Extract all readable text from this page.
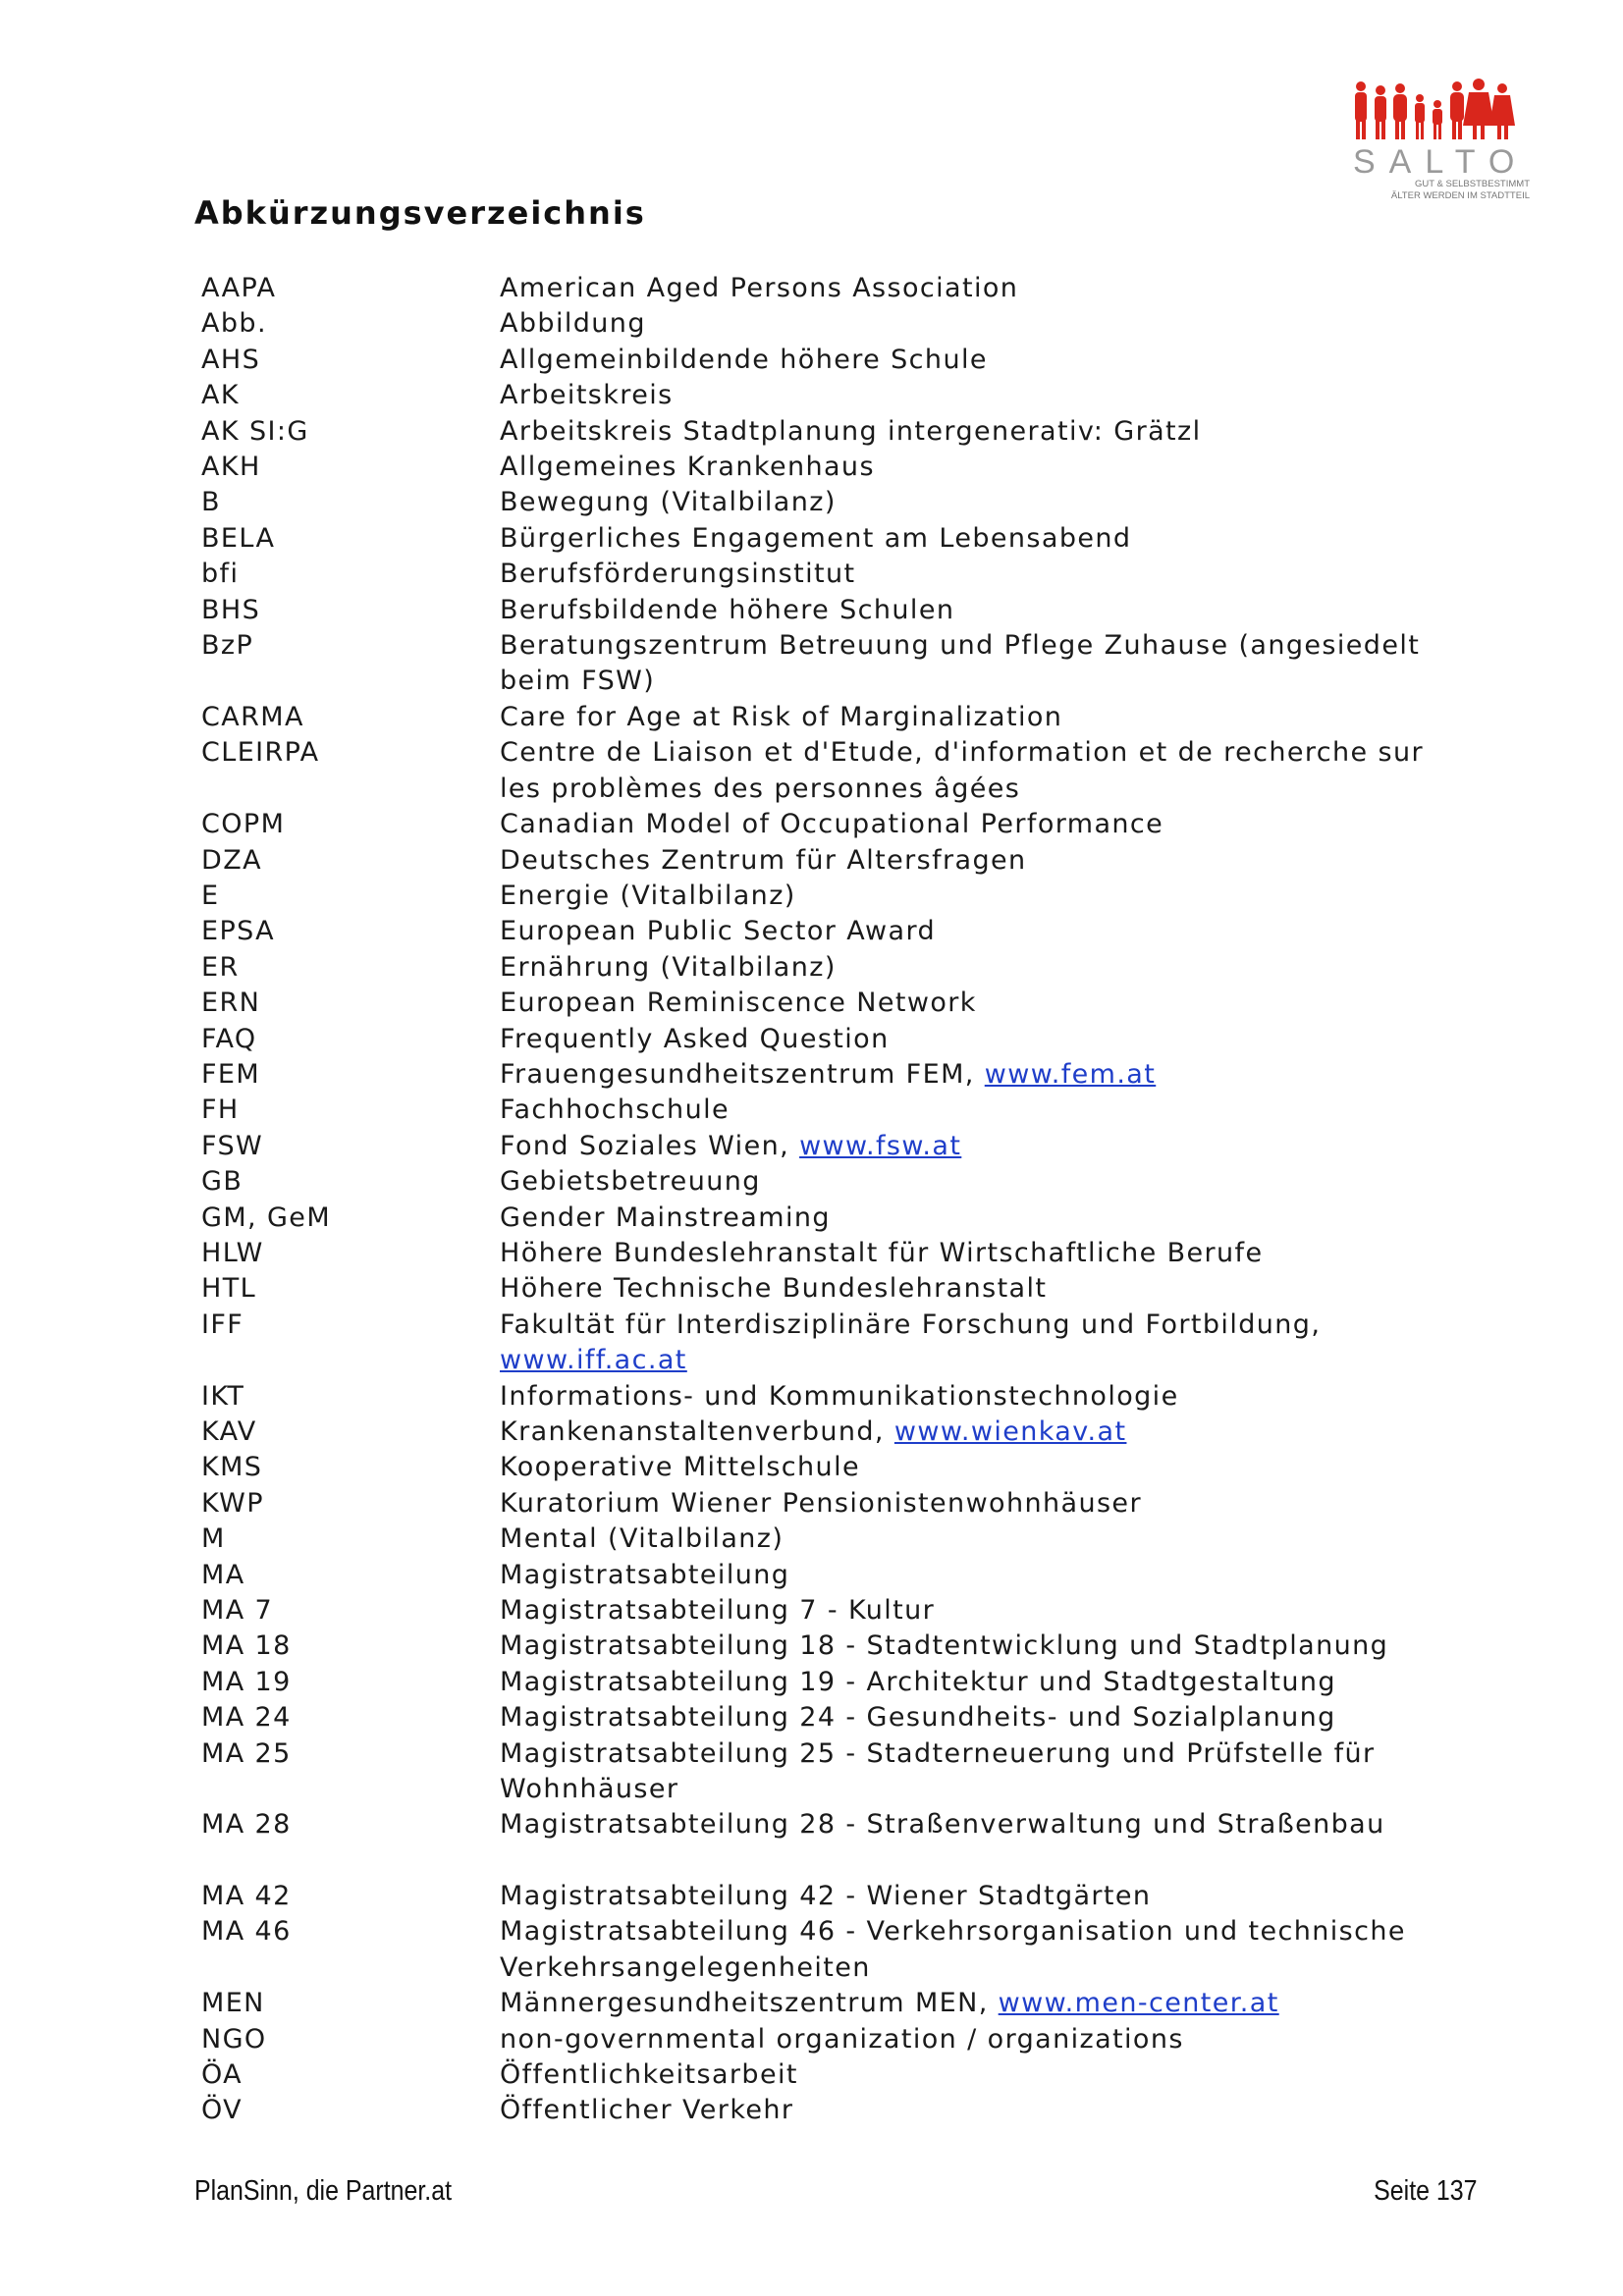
SALTO
GUT & SELBSTBESTIMMT
ÄLTER WERDEN IM STADTTEIL
Abkürzungsverzeichnis
AAPA	American Aged Persons Association
Abb.	Abbildung
AHS	Allgemeinbildende höhere Schule
AK	Arbeitskreis
AK SI:G	Arbeitskreis Stadtplanung intergenerativ: Grätzl
AKH	Allgemeines Krankenhaus
B	Bewegung (Vitalbilanz)
BELA	Bürgerliches Engagement am Lebensabend
bfi	Berufsförderungsinstitut
BHS	Berufsbildende höhere Schulen
BzP	Beratungszentrum Betreuung und Pflege Zuhause (angesiedelt beim FSW)
CARMA	Care for Age at Risk of Marginalization
CLEIRPA	Centre de Liaison et d'Etude, d'information et de recherche sur les problèmes des personnes âgées
COPM	Canadian Model of Occupational Performance
DZA	Deutsches Zentrum für Altersfragen
E	Energie (Vitalbilanz)
EPSA	European Public Sector Award
ER	Ernährung (Vitalbilanz)
ERN	European Reminiscence Network
FAQ	Frequently Asked Question
FEM	Frauengesundheitszentrum FEM, www.fem.at
FH	Fachhochschule
FSW	Fond Soziales Wien, www.fsw.at
GB	Gebietsbetreuung
GM, GeM	Gender Mainstreaming
HLW	Höhere Bundeslehranstalt für Wirtschaftliche Berufe
HTL	Höhere Technische Bundeslehranstalt
IFF	Fakultät für Interdisziplinäre Forschung und Fortbildung, www.iff.ac.at
IKT	Informations- und Kommunikationstechnologie
KAV	Krankenanstaltenverbund, www.wienkav.at
KMS	Kooperative Mittelschule
KWP	Kuratorium Wiener Pensionistenwohnhäuser
M	Mental (Vitalbilanz)
MA	Magistratsabteilung
MA 7	Magistratsabteilung 7 - Kultur
MA 18	Magistratsabteilung 18 - Stadtentwicklung und Stadtplanung
MA 19	Magistratsabteilung 19 - Architektur und Stadtgestaltung
MA 24	Magistratsabteilung 24 - Gesundheits- und Sozialplanung
MA 25	Magistratsabteilung 25 - Stadterneuerung und Prüfstelle für Wohnhäuser
MA 28	Magistratsabteilung 28 - Straßenverwaltung und Straßenbau
MA 42	Magistratsabteilung 42 - Wiener Stadtgärten
MA 46	Magistratsabteilung 46 - Verkehrsorganisation und technische Verkehrsangelegenheiten
MEN	Männergesundheitszentrum MEN, www.men-center.at
NGO	non-governmental organization / organizations
ÖA	Öffentlichkeitsarbeit
ÖV	Öffentlicher Verkehr
PlanSinn, die Partner.at	Seite 137
